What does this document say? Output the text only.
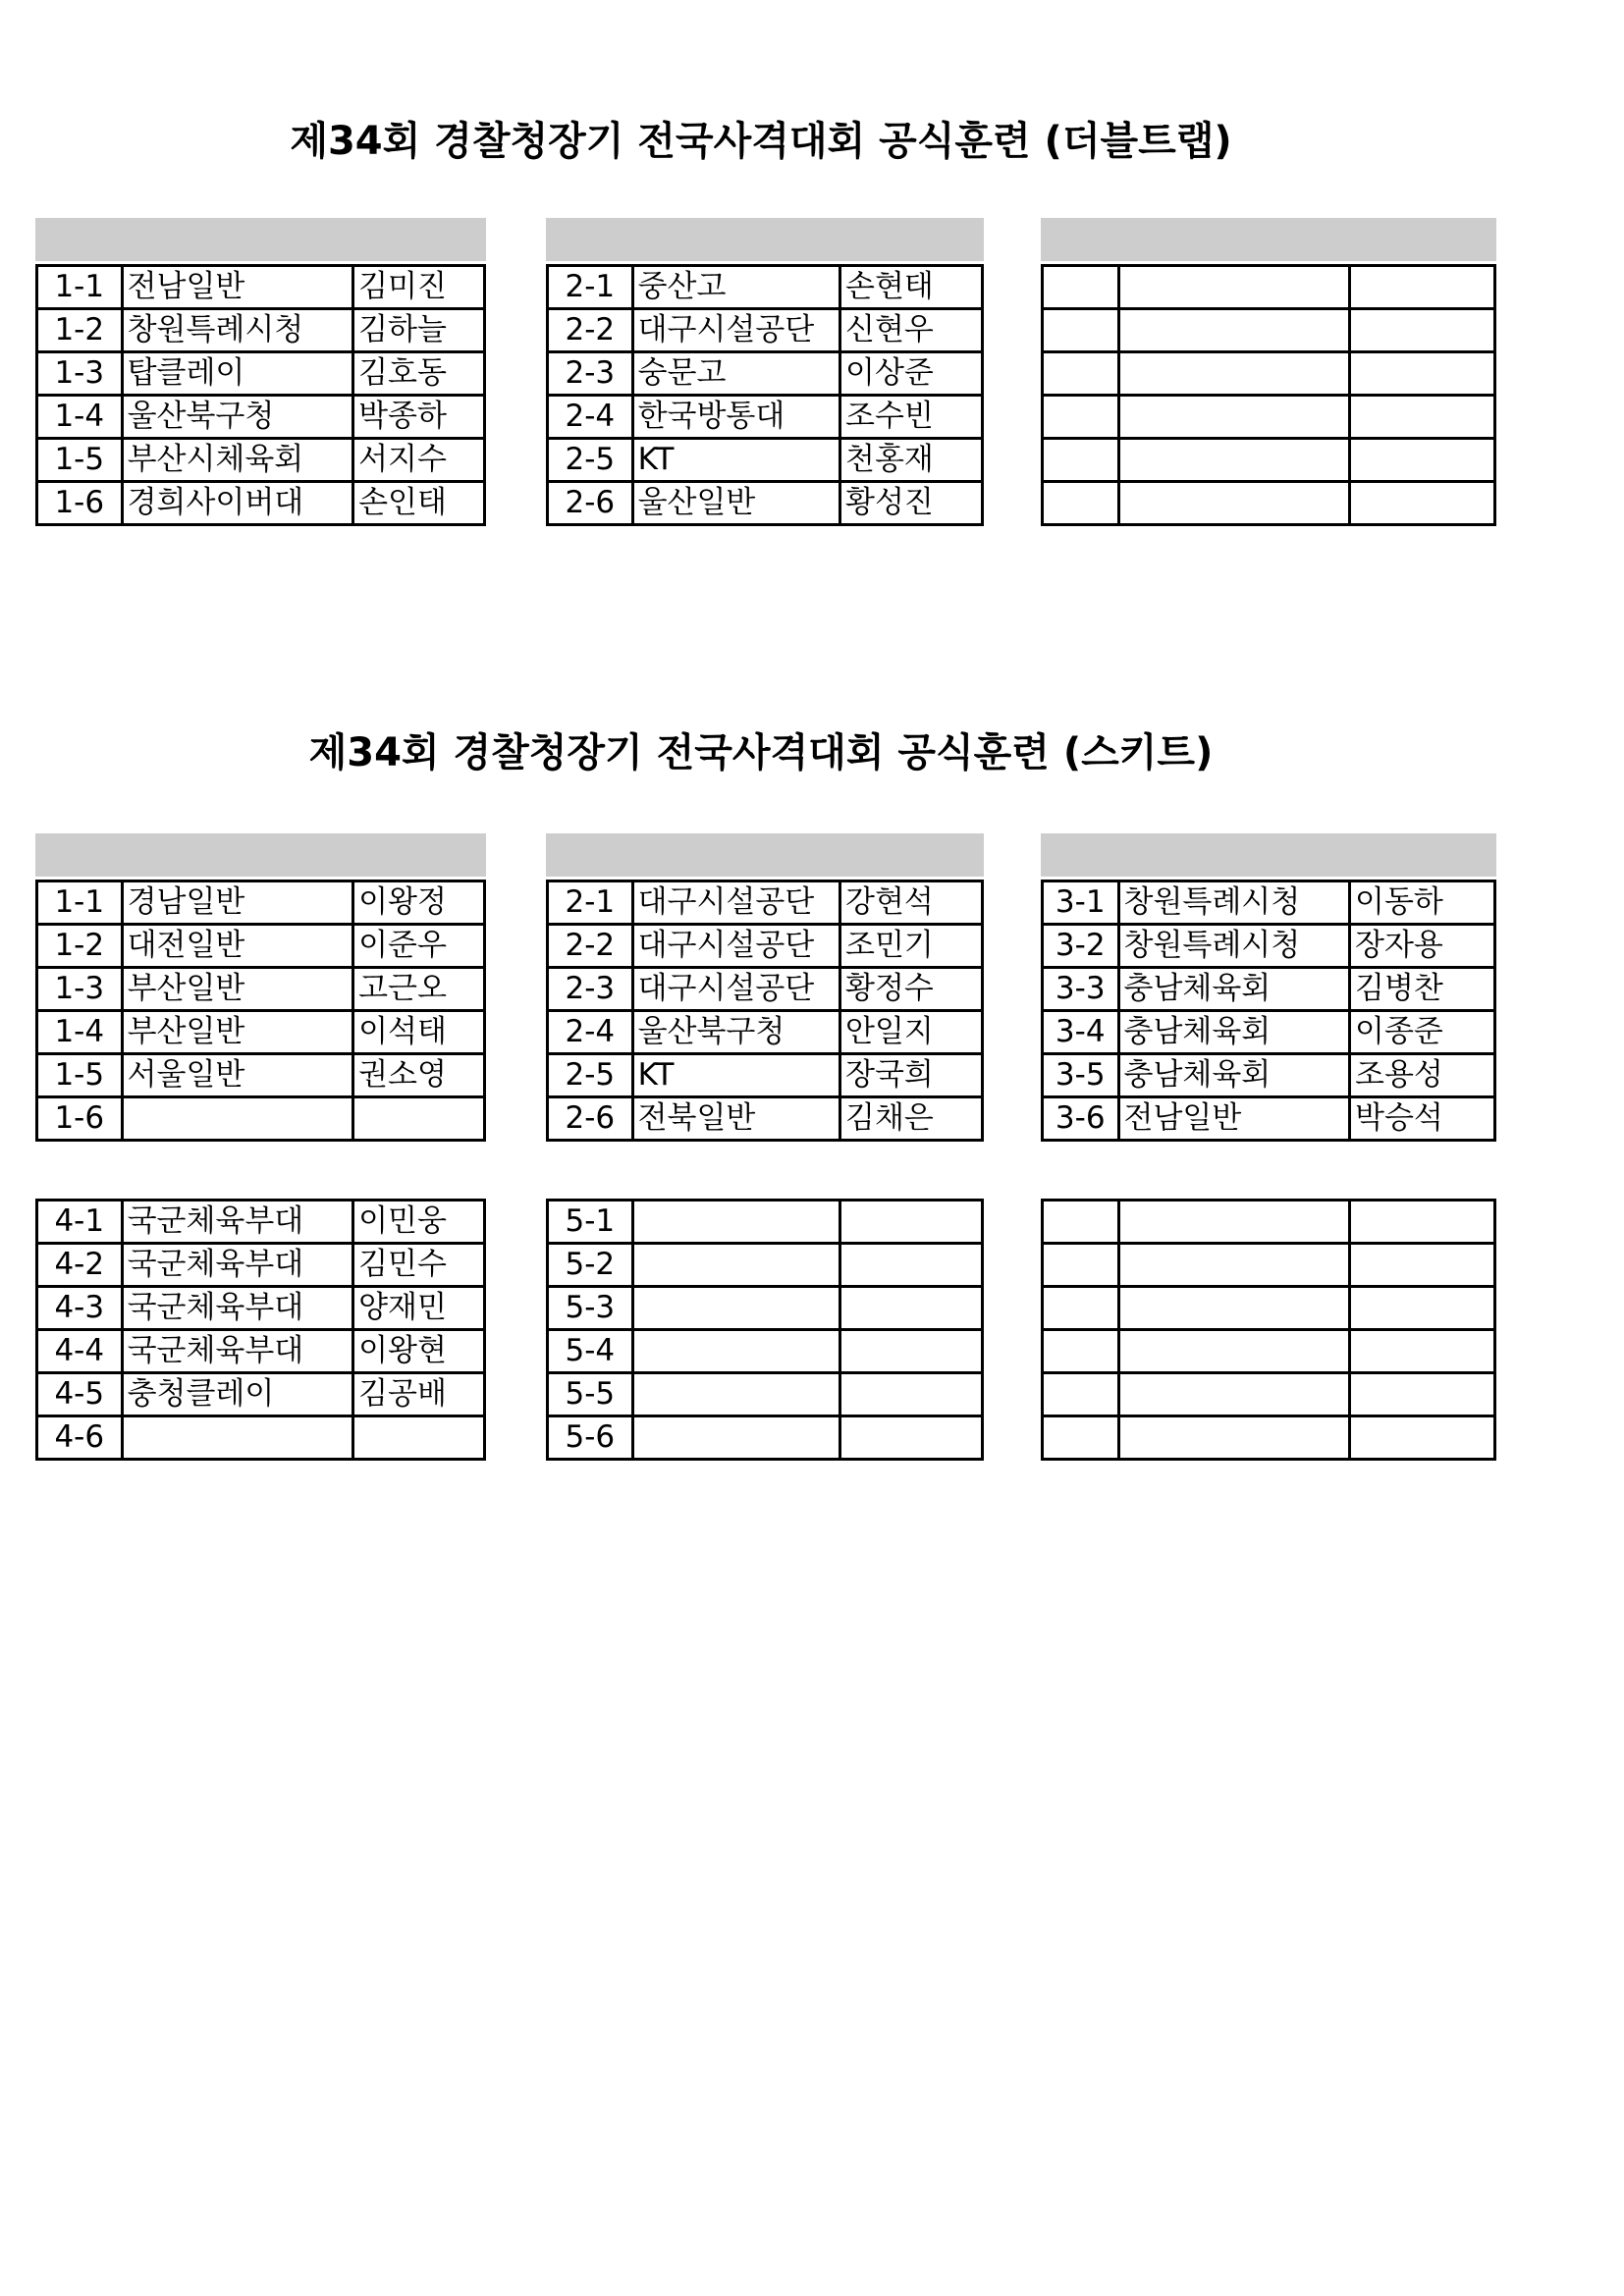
제34회 경찰청장기 전국사격대회 공식훈련 (더블트랩)
1-1	전남일반	김미진
1-2	창원특례시청	김하늘
1-3	탑클레이	김호동
1-4	울산북구청	박종하
1-5	부산시체육회	서지수
1-6	경희사이버대	손인태
2-1	중산고	손현태
2-2	대구시설공단	신현우
2-3	숭문고	이상준
2-4	한국방통대	조수빈
2-5	KT	천홍재
2-6	울산일반	황성진

제34회 경찰청장기 전국사격대회 공식훈련 (스키트)
1-1	경남일반	이왕정
1-2	대전일반	이준우
1-3	부산일반	고근오
1-4	부산일반	이석태
1-5	서울일반	권소영
1-6		
2-1	대구시설공단	강현석
2-2	대구시설공단	조민기
2-3	대구시설공단	황정수
2-4	울산북구청	안일지
2-5	KT	장국희
2-6	전북일반	김채은
3-1	창원특례시청	이동하
3-2	창원특례시청	장자용
3-3	충남체육회	김병찬
3-4	충남체육회	이종준
3-5	충남체육회	조용성
3-6	전남일반	박승석
4-1	국군체육부대	이민웅
4-2	국군체육부대	김민수
4-3	국군체육부대	양재민
4-4	국군체육부대	이왕현
4-5	충청클레이	김공배
4-6		
5-1		
5-2		
5-3		
5-4		
5-5		
5-6		
